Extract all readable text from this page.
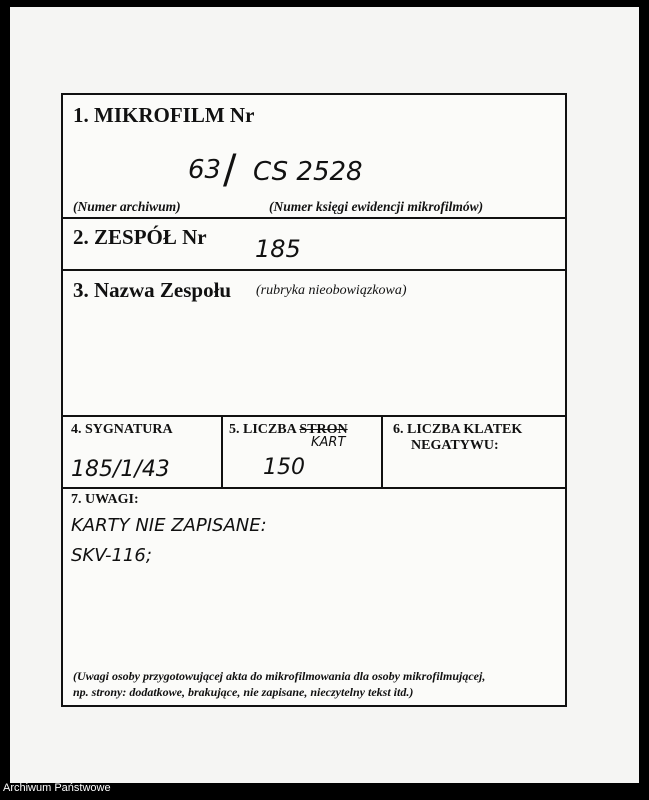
1. MIKROFILM Nr
63 / CS 2528
(Numer archiwum)	(Numer księgi ewidencji mikrofilmów)
2. ZESPÓŁ Nr 185
3. Nazwa Zespołu (rubryka nieobowiązkowa)
4. SYGNATURA
185/1/43
5. LICZBA STRON
KART
150
6. LICZBA KLATEK
NEGATYWU:
7. UWAGI:
KARTY NIE ZAPISANE:
SKV-116;
(Uwagi osoby przygotowującej akta do mikrofilmowania dla osoby mikrofilmującej,
np. strony: dodatkowe, brakujące, nie zapisane, nieczytelny tekst itd.)
Archiwum Państwowe
